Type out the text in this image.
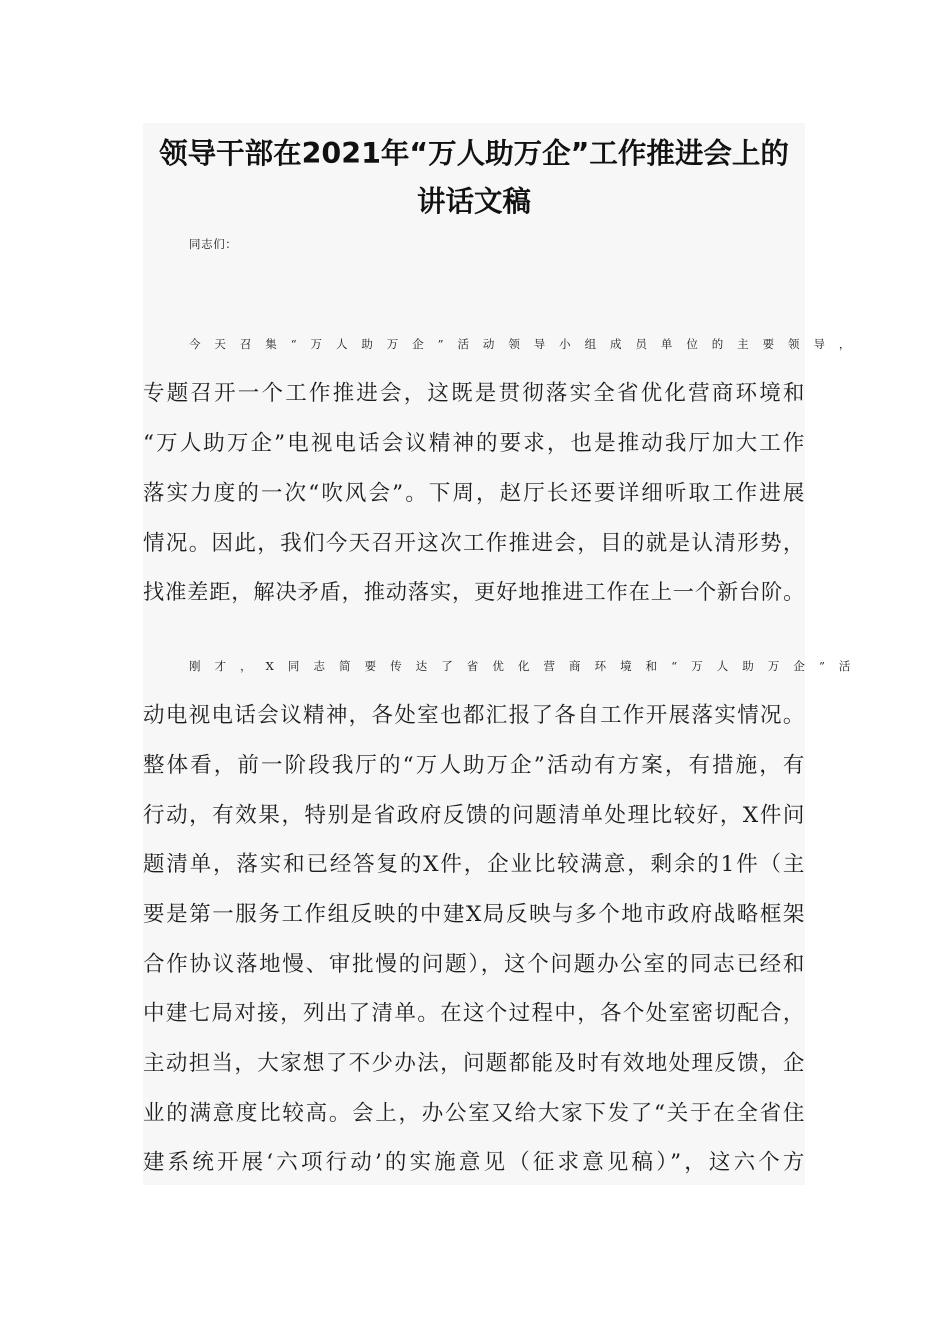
领导干部在2021年“万人助万企”工作推进会上的
讲话文稿
同志们：
今天召集“万人助万企”活动领导小组成员单位的主要领导，
专题召开一个工作推进会，这既是贯彻落实全省优化营商环境和
“万人助万企”电视电话会议精神的要求，也是推动我厅加大工作
落实力度的一次“吹风会”。下周，赵厅长还要详细听取工作进展
情况。因此，我们今天召开这次工作推进会，目的就是认清形势，
找准差距，解决矛盾，推动落实，更好地推进工作在上一个新台阶。
刚才，X同志简要传达了省优化营商环境和“万人助万企”活
动电视电话会议精神，各处室也都汇报了各自工作开展落实情况。
整体看，前一阶段我厅的“万人助万企”活动有方案，有措施，有
行动，有效果，特别是省政府反馈的问题清单处理比较好，X件问
题清单，落实和已经答复的X件，企业比较满意，剩余的1件（主
要是第一服务工作组反映的中建X局反映与多个地市政府战略框架
合作协议落地慢、审批慢的问题），这个问题办公室的同志已经和
中建七局对接，列出了清单。在这个过程中，各个处室密切配合，
主动担当，大家想了不少办法，问题都能及时有效地处理反馈，企
业的满意度比较高。会上，办公室又给大家下发了“关于在全省住
建系统开展‘六项行动’的实施意见（征求意见稿）”，这六个方
